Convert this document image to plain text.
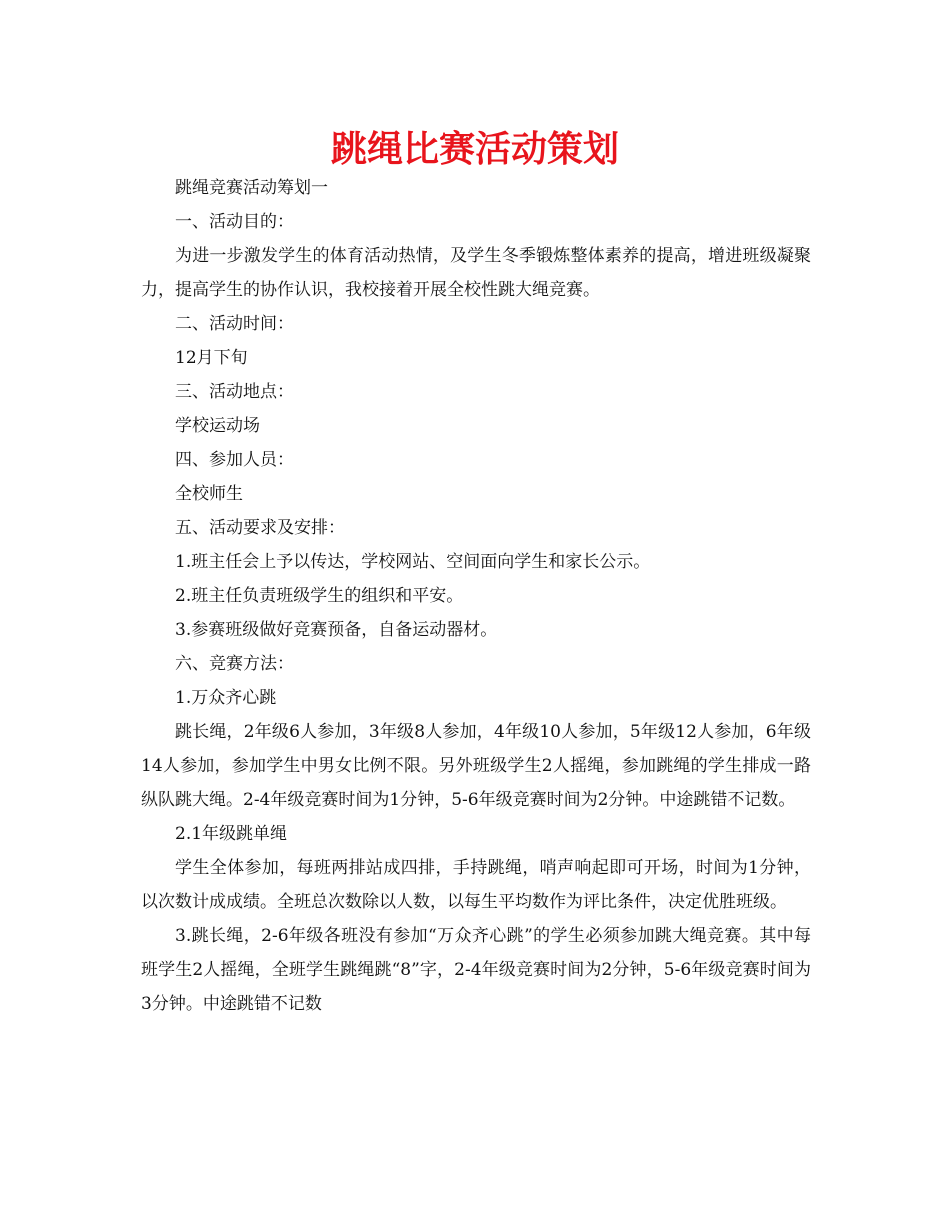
跳绳比赛活动策划

跳绳竞赛活动筹划一

一、活动目的：

为进一步激发学生的体育活动热情，及学生冬季锻炼整体素养的提高，增进班级凝聚力，提高学生的协作认识，我校接着开展全校性跳大绳竞赛。

二、活动时间：

12月下旬

三、活动地点：

学校运动场

四、参加人员：

全校师生

五、活动要求及安排：

1.班主任会上予以传达，学校网站、空间面向学生和家长公示。

2.班主任负责班级学生的组织和平安。

3.参赛班级做好竞赛预备，自备运动器材。

六、竞赛方法：

1.万众齐心跳

跳长绳，2年级6人参加，3年级8人参加，4年级10人参加，5年级12人参加，6年级14人参加，参加学生中男女比例不限。另外班级学生2人摇绳，参加跳绳的学生排成一路纵队跳大绳。2-4年级竞赛时间为1分钟，5-6年级竞赛时间为2分钟。中途跳错不记数。

2.1年级跳单绳

学生全体参加，每班两排站成四排，手持跳绳，哨声响起即可开场，时间为1分钟，以次数计成成绩。全班总次数除以人数，以每生平均数作为评比条件，决定优胜班级。

3.跳长绳，2-6年级各班没有参加“万众齐心跳”的学生必须参加跳大绳竞赛。其中每班学生2人摇绳，全班学生跳绳跳“8”字，2-4年级竞赛时间为2分钟，5-6年级竞赛时间为3分钟。中途跳错不记数
